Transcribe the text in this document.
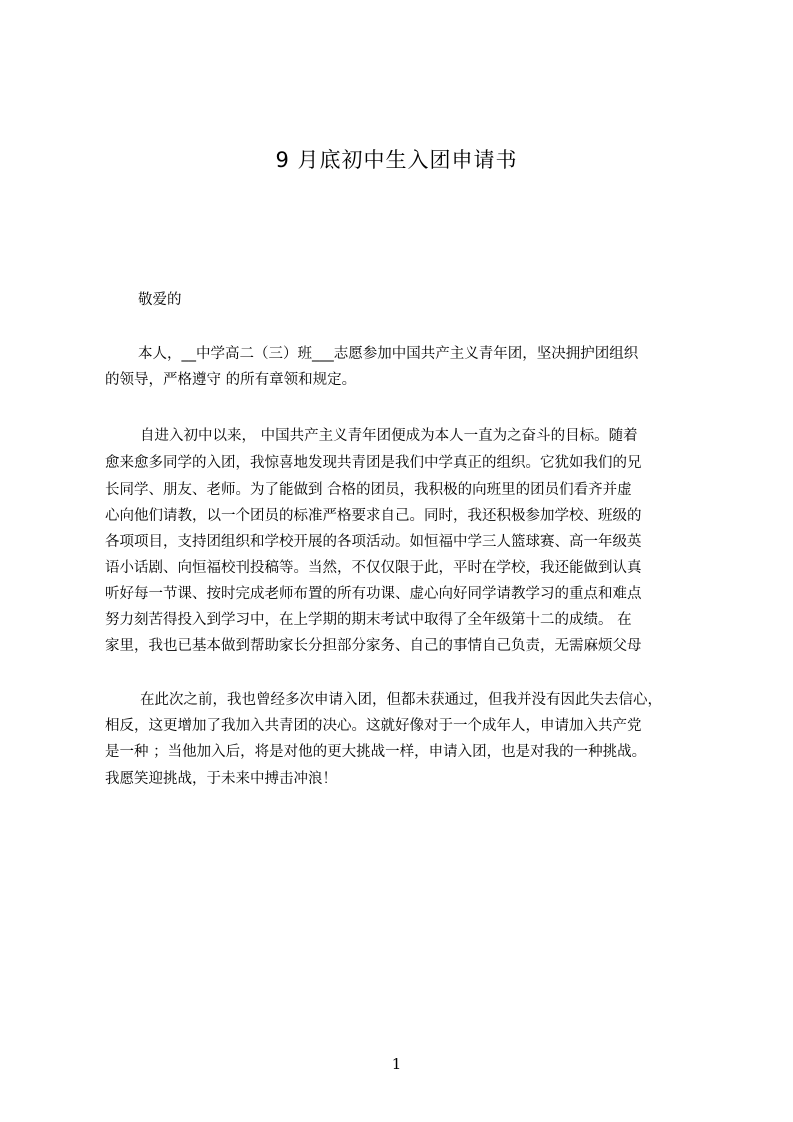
9 月底初中生入团申请书
敬爱的
本人，__中学高二（三）班___志愿参加中国共产主义青年团，坚决拥护团组织
的领导，严格遵守 的所有章领和规定。
自进入初中以来， 中国共产主义青年团便成为本人一直为之奋斗的目标。随着
愈来愈多同学的入团，我惊喜地发现共青团是我们中学真正的组织。它犹如我们的兄
长同学、朋友、老师。为了能做到 合格的团员，我积极的向班里的团员们看齐并虚
心向他们请教，以一个团员的标准严格要求自己。同时，我还积极参加学校、班级的
各项项目，支持团组织和学校开展的各项活动。如恒福中学三人篮球赛、高一年级英
语小话剧、向恒福校刊投稿等。当然，不仅仅限于此，平时在学校，我还能做到认真
听好每一节课、按时完成老师布置的所有功课、虚心向好同学请教学习的重点和难点
努力刻苦得投入到学习中，在上学期的期末考试中取得了全年级第十二的成绩。 在
家里，我也已基本做到帮助家长分担部分家务、自己的事情自己负责，无需麻烦父母
在此次之前，我也曾经多次申请入团，但都未获通过，但我并没有因此失去信心，
相反，这更增加了我加入共青团的决心。这就好像对于一个成年人，申请加入共产党
是一种 ；当他加入后，将是对他的更大挑战一样，申请入团，也是对我的一种挑战。
我愿笑迎挑战，于未来中搏击冲浪！
1
